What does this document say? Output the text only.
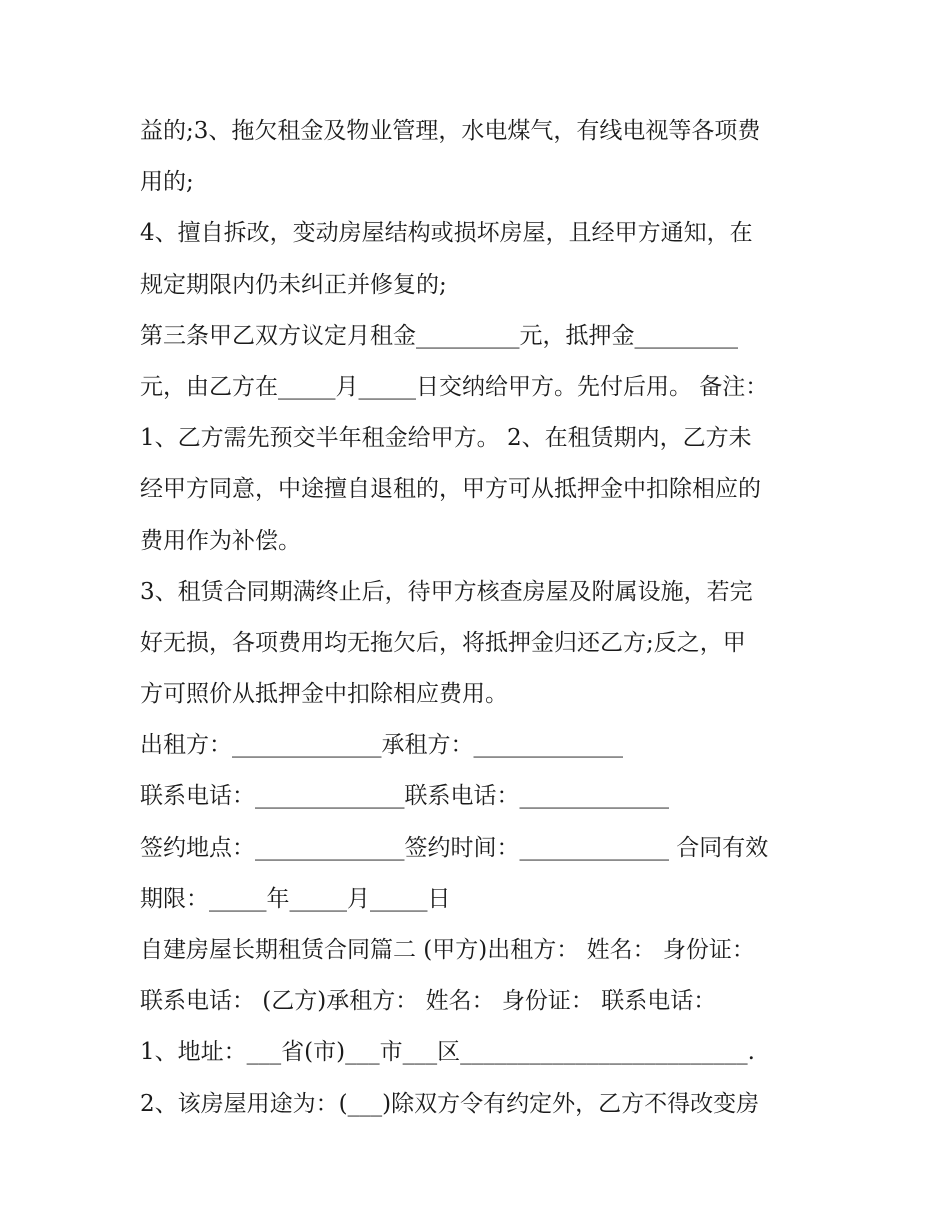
益的;3、拖欠租金及物业管理，水电煤气，有线电视等各项费
用的;
4、擅自拆改，变动房屋结构或损坏房屋，且经甲方通知，在
规定期限内仍未纠正并修复的;
第三条甲乙双方议定月租金_________元，抵押金_________
元，由乙方在_____月_____日交纳给甲方。先付后用。 备注：
1、乙方需先预交半年租金给甲方。 2、在租赁期内，乙方未
经甲方同意，中途擅自退租的，甲方可从抵押金中扣除相应的
费用作为补偿。
3、租赁合同期满终止后，待甲方核查房屋及附属设施，若完
好无损，各项费用均无拖欠后，将抵押金归还乙方;反之，甲
方可照价从抵押金中扣除相应费用。
出租方：_____________承租方：_____________
联系电话：_____________联系电话：_____________
签约地点：_____________签约时间：_____________ 合同有效
期限：_____年_____月_____日
自建房屋长期租赁合同篇二 (甲方)出租方： 姓名： 身份证：
联系电话： (乙方)承租方： 姓名： 身份证： 联系电话：
1、地址：___省(市)___市___区_________________________.
2、该房屋用途为：(___)除双方令有约定外，乙方不得改变房
